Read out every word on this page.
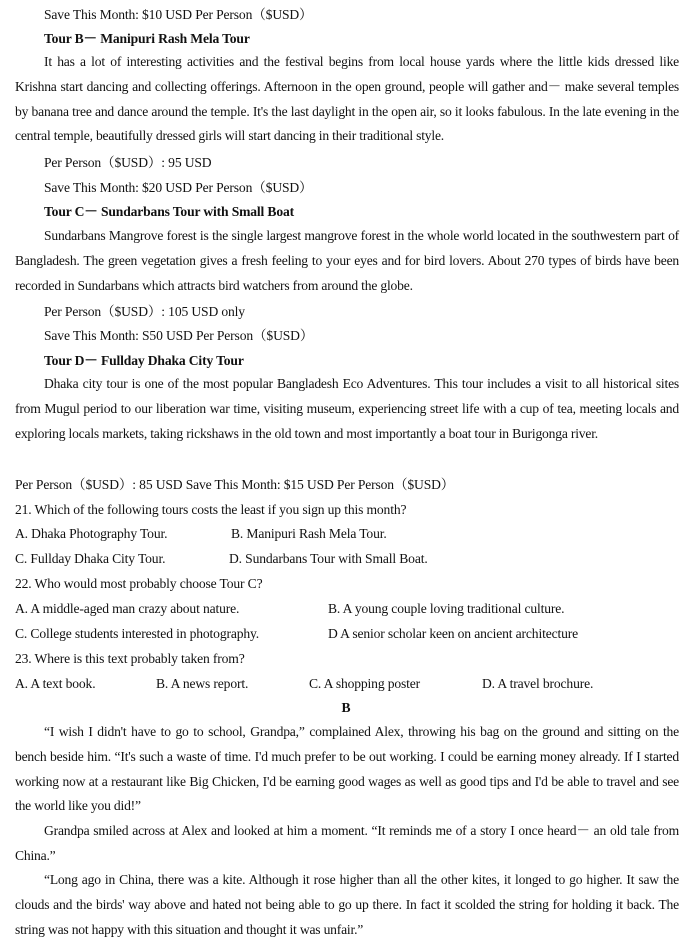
Save This Month: $10 USD Per Person（$USD）
Tour B－ Manipuri Rash Mela Tour
It has a lot of interesting activities and the festival begins from local house yards where the little kids dressed like Krishna start dancing and collecting offerings. Afternoon in the open ground, people will gather and－ make several temples by banana tree and dance around the temple. It's the last daylight in the open air, so it looks fabulous. In the late evening in the central temple, beautifully dressed girls will start dancing in their traditional style.
Per Person（$USD）: 95 USD
Save This Month: $20 USD Per Person（$USD）
Tour C－ Sundarbans Tour with Small Boat
Sundarbans Mangrove forest is the single largest mangrove forest in the whole world located in the southwestern part of Bangladesh. The green vegetation gives a fresh feeling to your eyes and for bird lovers. About 270 types of birds have been recorded in Sundarbans which attracts bird watchers from around the globe.
Per Person（$USD）: 105 USD only
Save This Month: S50 USD Per Person（$USD）
Tour D－ Fullday Dhaka City Tour
Dhaka city tour is one of the most popular Bangladesh Eco Adventures. This tour includes a visit to all historical sites from Mugul period to our liberation war time, visiting museum, experiencing street life with a cup of tea, meeting locals and exploring locals markets, taking rickshaws in the old town and most importantly a boat tour in Burigonga river.
Per Person（$USD）: 85 USD Save This Month: $15 USD Per Person（$USD）
21. Which of the following tours costs the least if you sign up this month?
A. Dhaka Photography Tour.	B. Manipuri Rash Mela Tour.
C. Fullday Dhaka City Tour.	D. Sundarbans Tour with Small Boat.
22. Who would most probably choose Tour C?
A. A middle-aged man crazy about nature.	B. A young couple loving traditional culture.
C. College students interested in photography.	D A senior scholar keen on ancient architecture
23. Where is this text probably taken from?
A. A text book.	B. A news report.	C. A shopping poster	D. A travel brochure.
B
“I wish I didn't have to go to school, Grandpa,” complained Alex, throwing his bag on the ground and sitting on the bench beside him. “It's such a waste of time. I'd much prefer to be out working. I could be earning money already. If I started working now at a restaurant like Big Chicken, I'd be earning good wages as well as good tips and I'd be able to travel and see the world like you did!”
Grandpa smiled across at Alex and looked at him a moment. “It reminds me of a story I once heard－ an old tale from China.”
“Long ago in China, there was a kite. Although it rose higher than all the other kites, it longed to go higher. It saw the clouds and the birds' way above and hated not being able to go up there. In fact it scolded the string for holding it back. The string was not happy with this situation and thought it was unfair.”
